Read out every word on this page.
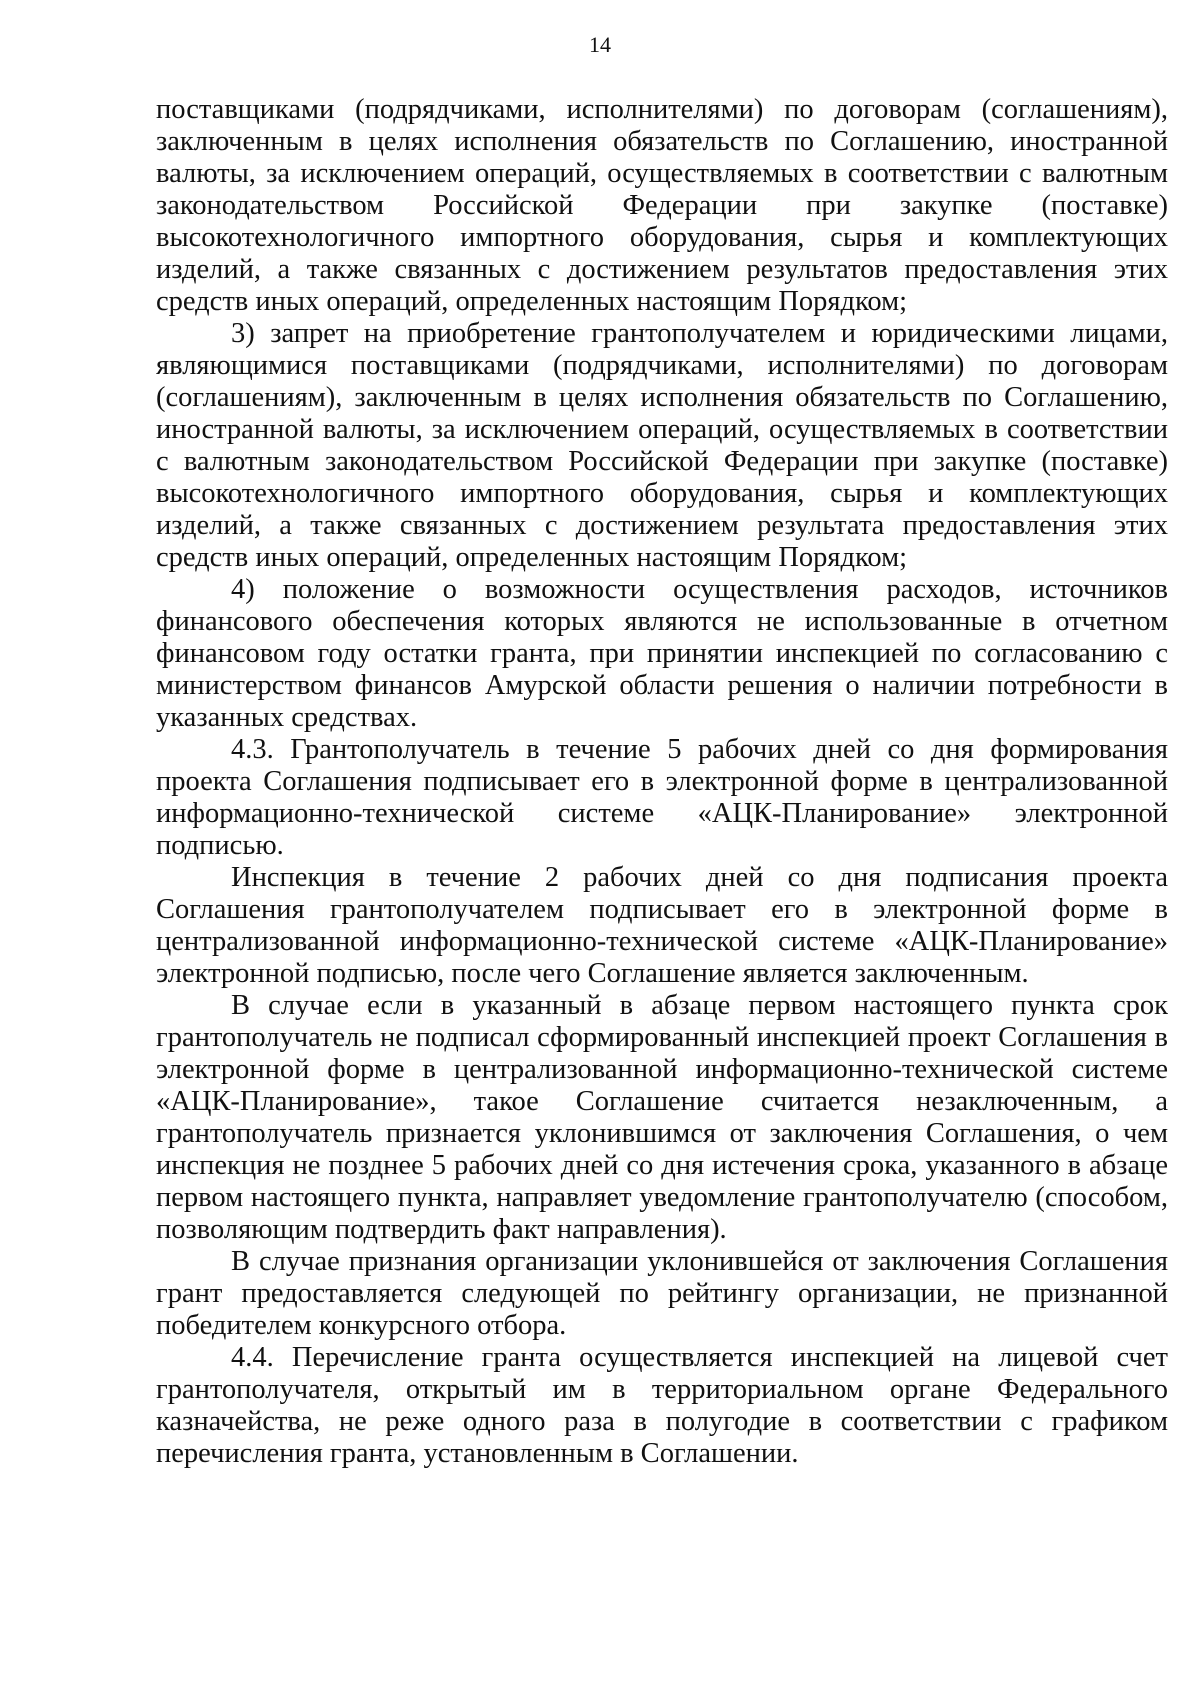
14

поставщиками (подрядчиками, исполнителями) по договорам (соглашениям), заключенным в целях исполнения обязательств по Соглашению, иностранной валюты, за исключением операций, осуществляемых в соответствии с валютным законодательством Российской Федерации при закупке (поставке) высокотехнологичного импортного оборудования, сырья и комплектующих изделий, а также связанных с достижением результатов предоставления этих средств иных операций, определенных настоящим Порядком;

3) запрет на приобретение грантополучателем и юридическими лицами, являющимися поставщиками (подрядчиками, исполнителями) по договорам (соглашениям), заключенным в целях исполнения обязательств по Соглашению, иностранной валюты, за исключением операций, осуществляемых в соответствии с валютным законодательством Российской Федерации при закупке (поставке) высокотехнологичного импортного оборудования, сырья и комплектующих изделий, а также связанных с достижением результата предоставления этих средств иных операций, определенных настоящим Порядком;

4) положение о возможности осуществления расходов, источников финансового обеспечения которых являются не использованные в отчетном финансовом году остатки гранта, при принятии инспекцией по согласованию с министерством финансов Амурской области решения о наличии потребности в указанных средствах.

4.3. Грантополучатель в течение 5 рабочих дней со дня формирования проекта Соглашения подписывает его в электронной форме в централизованной информационно-технической системе «АЦК-Планирование» электронной подписью.

Инспекция в течение 2 рабочих дней со дня подписания проекта Соглашения грантополучателем подписывает его в электронной форме в централизованной информационно-технической системе «АЦК-Планирование» электронной подписью, после чего Соглашение является заключенным.

В случае если в указанный в абзаце первом настоящего пункта срок грантополучатель не подписал сформированный инспекцией проект Соглашения в электронной форме в централизованной информационно-технической системе «АЦК-Планирование», такое Соглашение считается незаключенным, а грантополучатель признается уклонившимся от заключения Соглашения, о чем инспекция не позднее 5 рабочих дней со дня истечения срока, указанного в абзаце первом настоящего пункта, направляет уведомление грантополучателю (способом, позволяющим подтвердить факт направления).

В случае признания организации уклонившейся от заключения Соглашения грант предоставляется следующей по рейтингу организации, не признанной победителем конкурсного отбора.

4.4. Перечисление гранта осуществляется инспекцией на лицевой счет грантополучателя, открытый им в территориальном органе Федерального казначейства, не реже одного раза в полугодие в соответствии с графиком перечисления гранта, установленным в Соглашении.
